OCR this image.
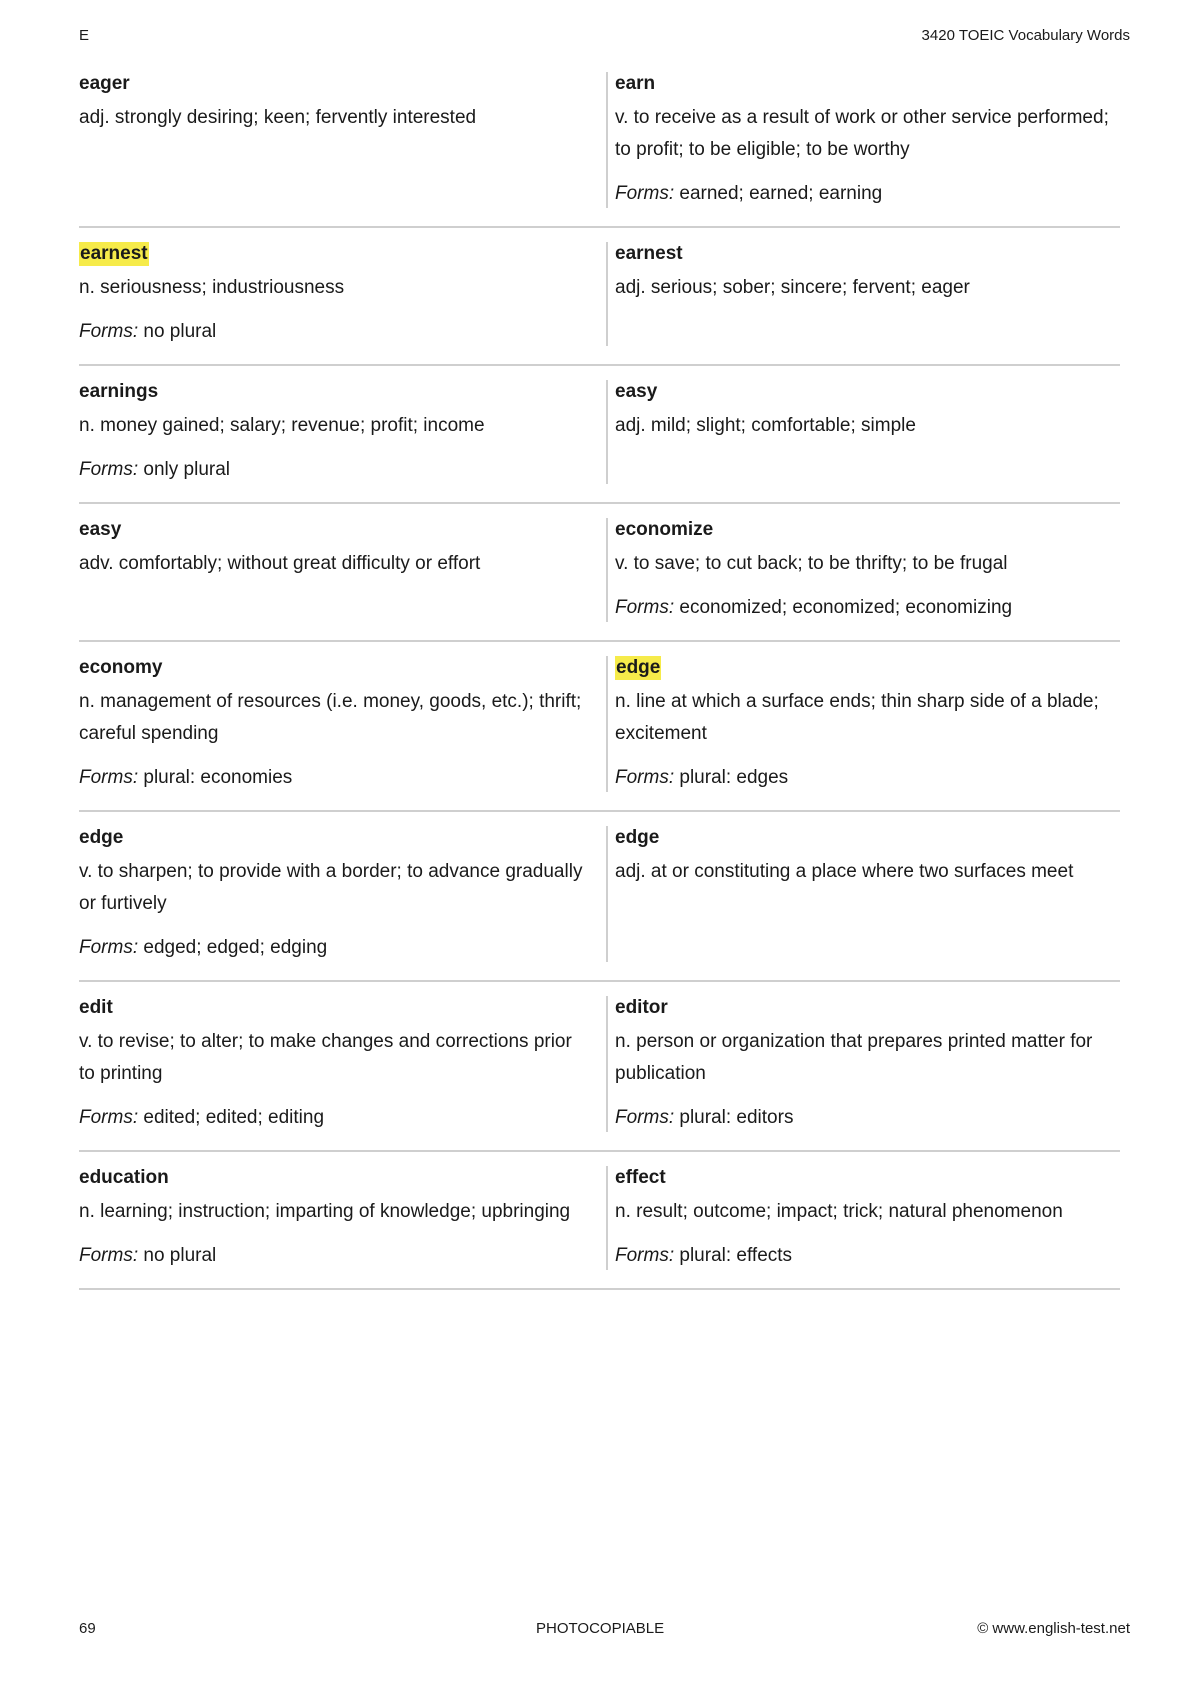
E	3420 TOEIC Vocabulary Words
eager
adj. strongly desiring; keen; fervently interested
earn
v. to receive as a result of work or other service performed; to profit; to be eligible; to be worthy
Forms: earned; earned; earning
earnest
n. seriousness; industriousness
Forms: no plural
earnest
adj. serious; sober; sincere; fervent; eager
earnings
n. money gained; salary; revenue; profit; income
Forms: only plural
easy
adj. mild; slight; comfortable; simple
easy
adv. comfortably; without great difficulty or effort
economize
v. to save; to cut back; to be thrifty; to be frugal
Forms: economized; economized; economizing
economy
n. management of resources (i.e. money, goods, etc.); thrift; careful spending
Forms: plural: economies
edge
n. line at which a surface ends; thin sharp side of a blade; excitement
Forms: plural: edges
edge
v. to sharpen; to provide with a border; to advance gradually or furtively
Forms: edged; edged; edging
edge
adj. at or constituting a place where two surfaces meet
edit
v. to revise; to alter; to make changes and corrections prior to printing
Forms: edited; edited; editing
editor
n. person or organization that prepares printed matter for publication
Forms: plural: editors
education
n. learning; instruction; imparting of knowledge; upbringing
Forms: no plural
effect
n. result; outcome; impact; trick; natural phenomenon
Forms: plural: effects
69	PHOTOCOPIABLE	© www.english-test.net
